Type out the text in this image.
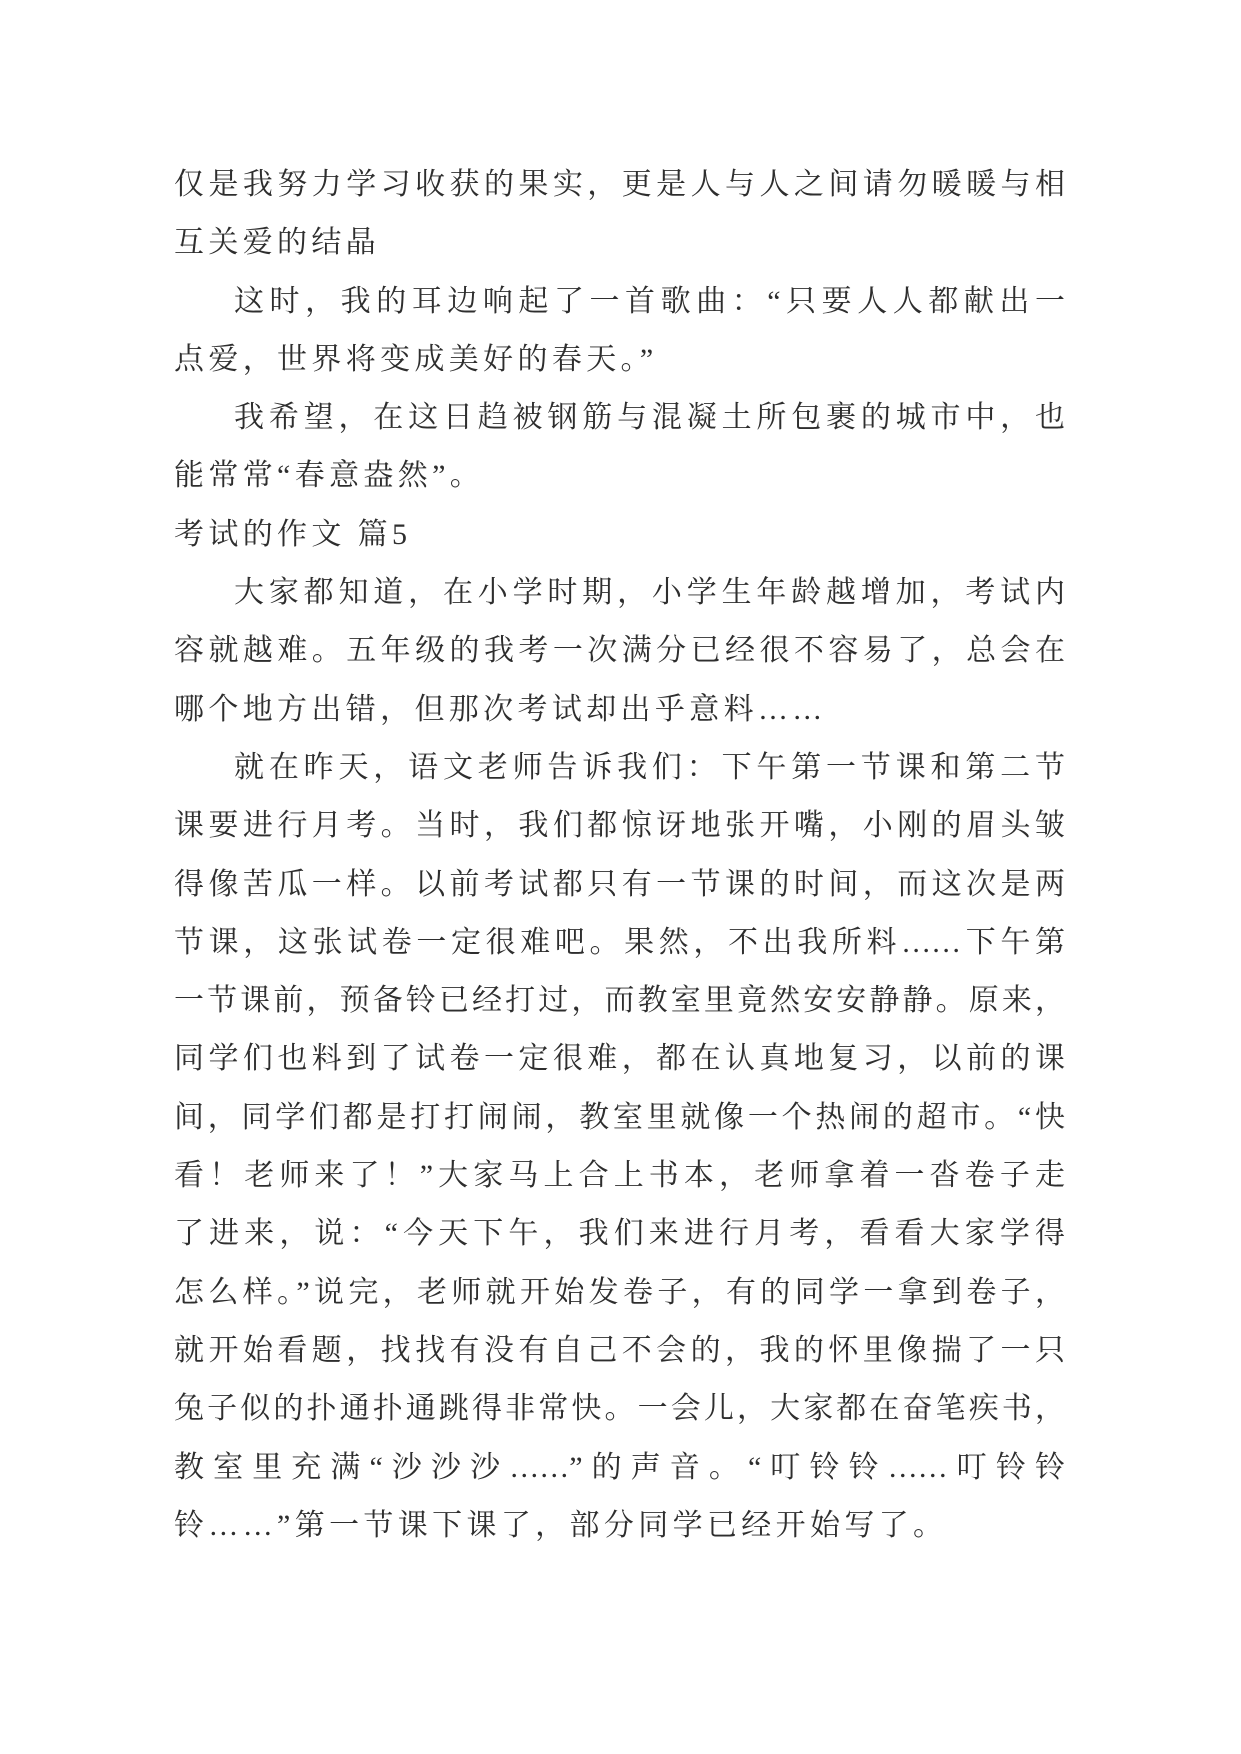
仅是我努力学习收获的果实，更是人与人之间请勿暖暖与相
互关爱的结晶
这时，我的耳边响起了一首歌曲：“只要人人都献出一
点爱，世界将变成美好的春天。”
我希望，在这日趋被钢筋与混凝土所包裹的城市中，也
能常常“春意盎然”。
考试的作文 篇5
大家都知道，在小学时期，小学生年龄越增加，考试内
容就越难。五年级的我考一次满分已经很不容易了，总会在
哪个地方出错，但那次考试却出乎意料……
就在昨天，语文老师告诉我们：下午第一节课和第二节
课要进行月考。当时，我们都惊讶地张开嘴，小刚的眉头皱
得像苦瓜一样。以前考试都只有一节课的时间，而这次是两
节课，这张试卷一定很难吧。果然，不出我所料……下午第
一节课前，预备铃已经打过，而教室里竟然安安静静。原来，
同学们也料到了试卷一定很难，都在认真地复习，以前的课
间，同学们都是打打闹闹，教室里就像一个热闹的超市。“快
看！老师来了！”大家马上合上书本，老师拿着一沓卷子走
了进来，说：“今天下午，我们来进行月考，看看大家学得
怎么样。”说完，老师就开始发卷子，有的同学一拿到卷子，
就开始看题，找找有没有自己不会的，我的怀里像揣了一只
兔子似的扑通扑通跳得非常快。一会儿，大家都在奋笔疾书，
教室里充满“沙沙沙……”的声音。“叮铃铃……叮铃铃
铃……”第一节课下课了，部分同学已经开始写了。
